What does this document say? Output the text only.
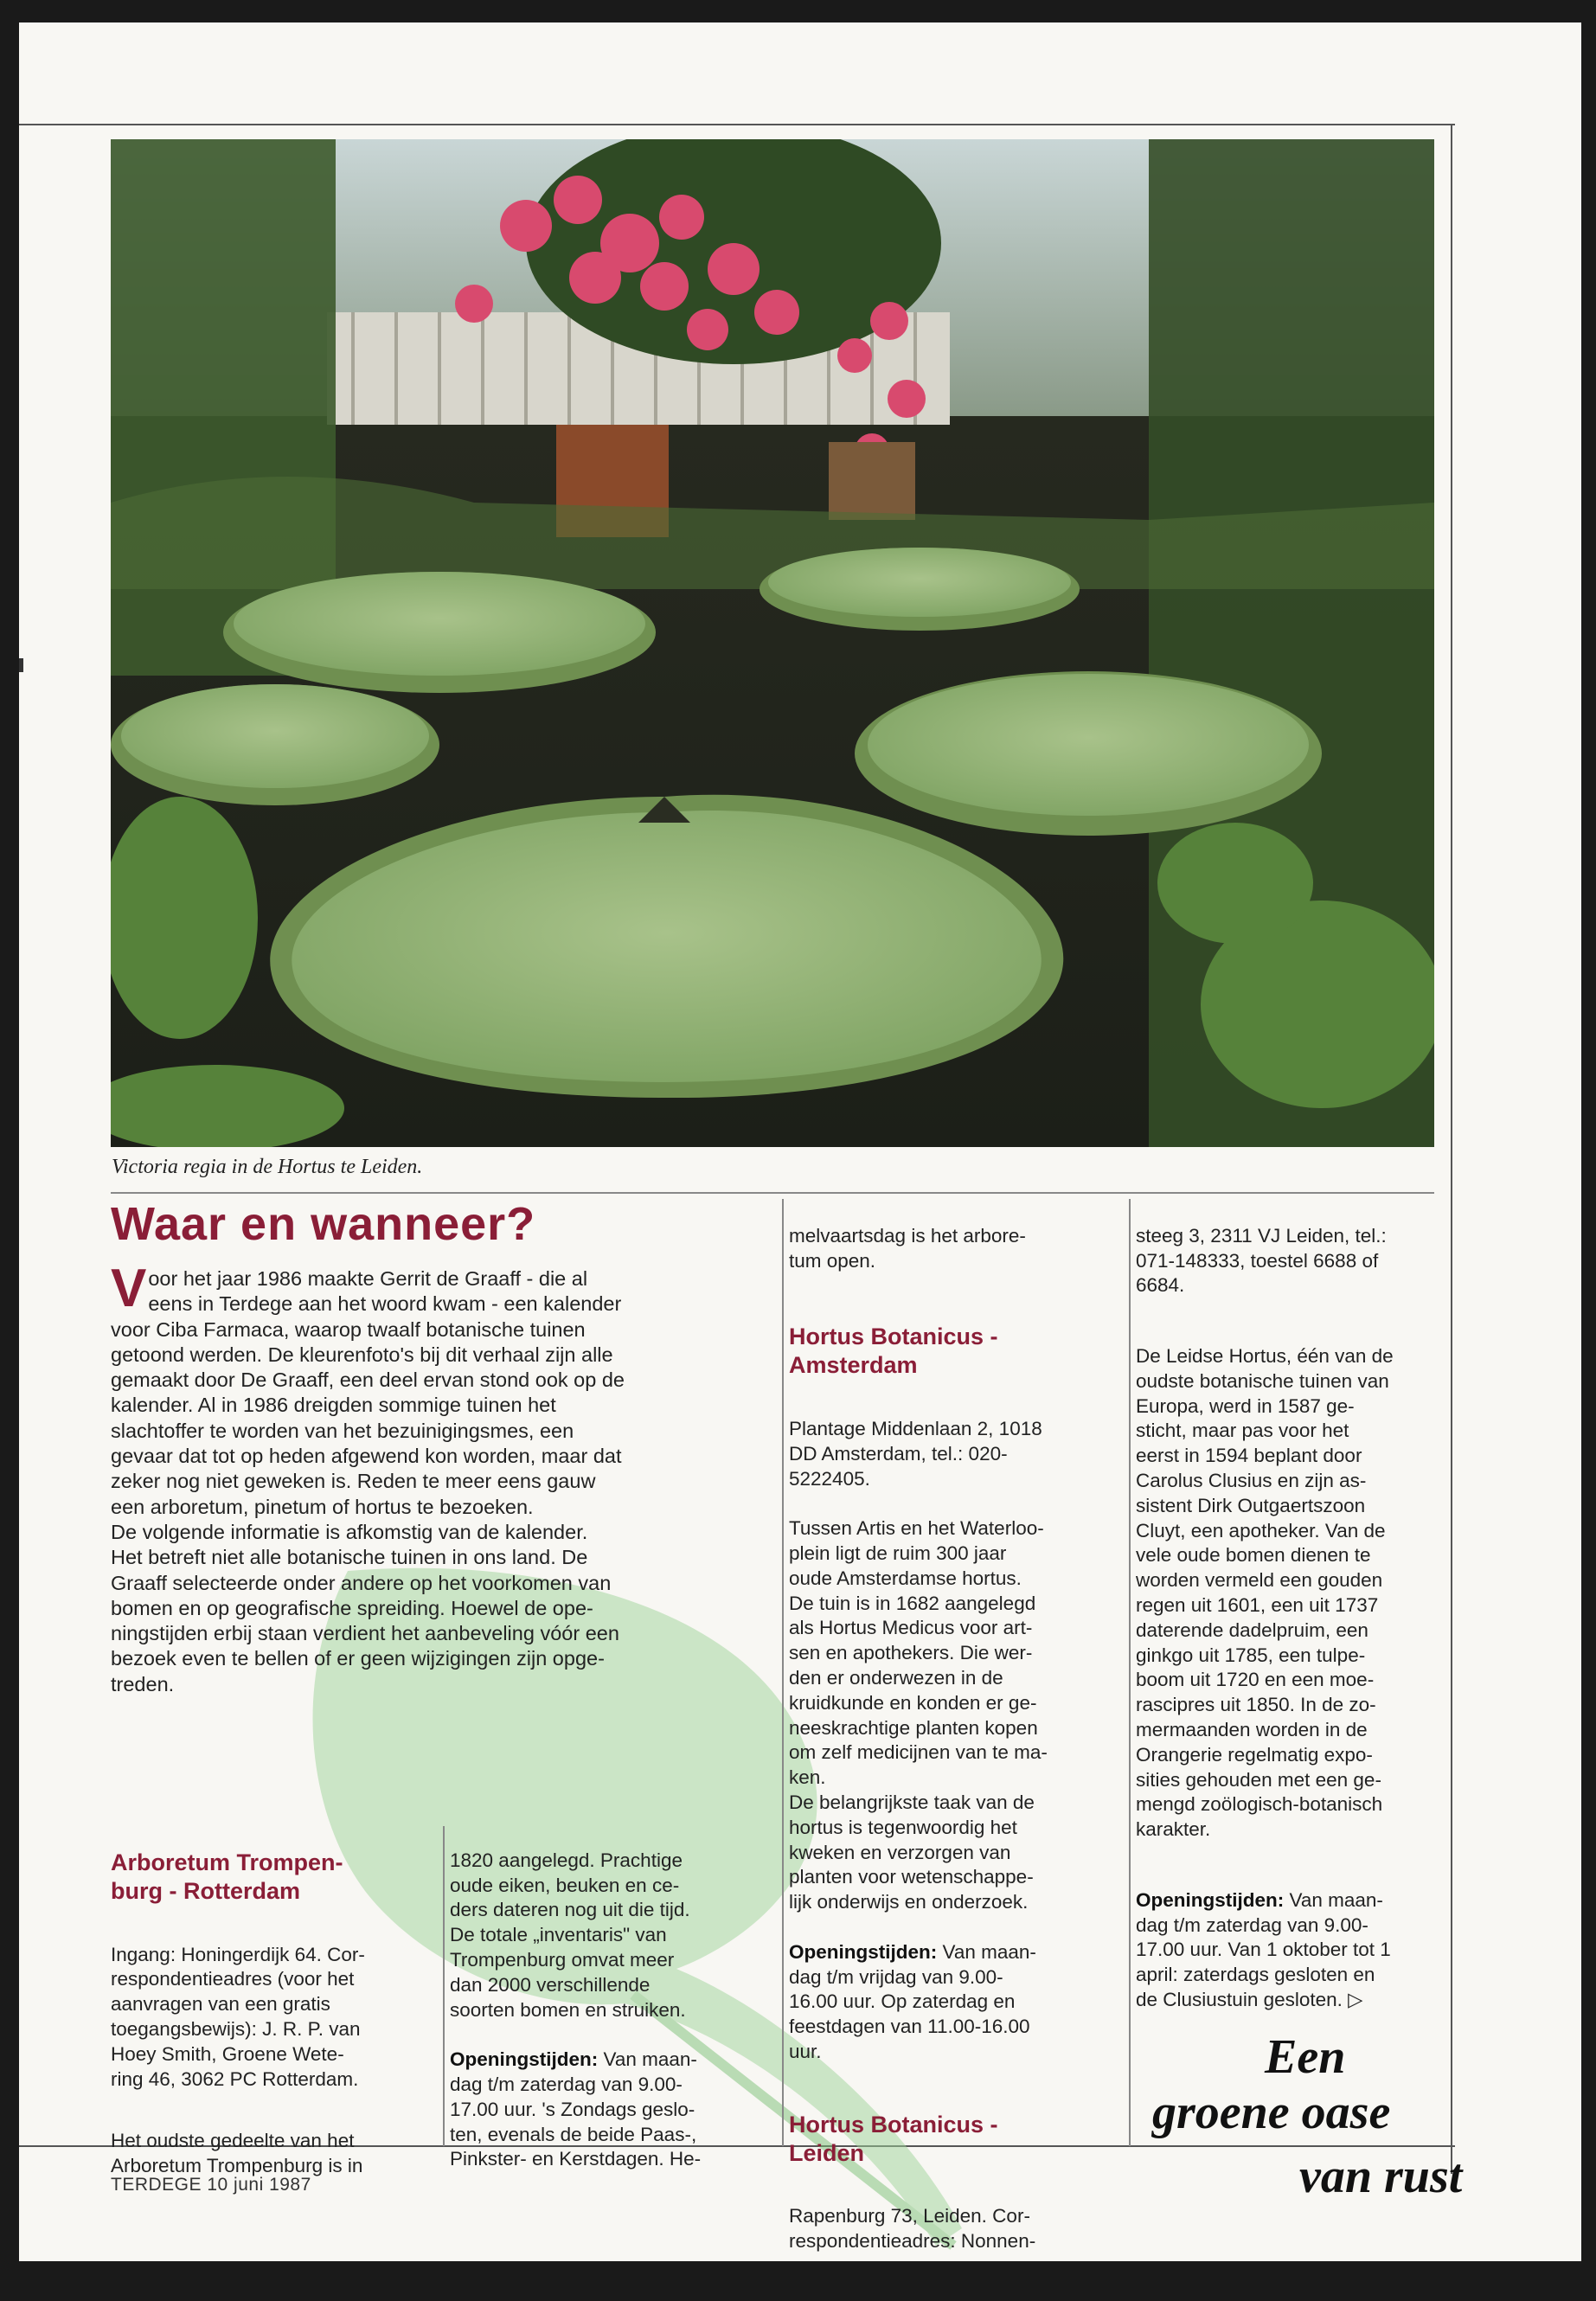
Victoria regia in de Hortus te Leiden.
Waar en wanneer?
Voor het jaar 1986 maakte Gerrit de Graaff - die al
eens in Terdege aan het woord kwam - een kalender
voor Ciba Farmaca, waarop twaalf botanische tuinen
getoond werden. De kleurenfoto's bij dit verhaal zijn alle
gemaakt door De Graaff, een deel ervan stond ook op de
kalender. Al in 1986 dreigden sommige tuinen het
slachtoffer te worden van het bezuinigingsmes, een
gevaar dat tot op heden afgewend kon worden, maar dat
zeker nog niet geweken is. Reden te meer eens gauw
een arboretum, pinetum of hortus te bezoeken.
De volgende informatie is afkomstig van de kalender.
Het betreft niet alle botanische tuinen in ons land. De
Graaff selecteerde onder andere op het voorkomen van
bomen en op geografische spreiding. Hoewel de ope-
ningstijden erbij staan verdient het aanbeveling vóór een
bezoek even te bellen of er geen wijzigingen zijn opge-
treden.

Arboretum Trompen-
burg - Rotterdam

Ingang: Honingerdijk 64. Cor-
respondentieadres (voor het
aanvragen van een gratis
toegangsbewijs): J. R. P. van
Hoey Smith, Groene Wete-
ring 46, 3062 PC Rotterdam.

Het oudste gedeelte van het
Arboretum Trompenburg is in

1820 aangelegd. Prachtige
oude eiken, beuken en ce-
ders dateren nog uit die tijd.
De totale „inventaris" van
Trompenburg omvat meer
dan 2000 verschillende
soorten bomen en struiken.

Openingstijden: Van maan-
dag t/m zaterdag van 9.00-
17.00 uur. 's Zondags geslo-
ten, evenals de beide Paas-,
Pinkster- en Kerstdagen. He-

melvaartsdag is het arbore-
tum open.

Hortus Botanicus -
Amsterdam

Plantage Middenlaan 2, 1018
DD Amsterdam, tel.: 020-
5222405.

Tussen Artis en het Waterloo-
plein ligt de ruim 300 jaar
oude Amsterdamse hortus.
De tuin is in 1682 aangelegd
als Hortus Medicus voor art-
sen en apothekers. Die wer-
den er onderwezen in de
kruidkunde en konden er ge-
neeskrachtige planten kopen
om zelf medicijnen van te ma-
ken.
De belangrijkste taak van de
hortus is tegenwoordig het
kweken en verzorgen van
planten voor wetenschappe-
lijk onderwijs en onderzoek.

Openingstijden: Van maan-
dag t/m vrijdag van 9.00-
16.00 uur. Op zaterdag en
feestdagen van 11.00-16.00
uur.

Hortus Botanicus -
Leiden

Rapenburg 73, Leiden. Cor-
respondentieadres: Nonnen-

steeg 3, 2311 VJ Leiden, tel.:
071-148333, toestel 6688 of
6684.

De Leidse Hortus, één van de
oudste botanische tuinen van
Europa, werd in 1587 ge-
sticht, maar pas voor het
eerst in 1594 beplant door
Carolus Clusius en zijn as-
sistent Dirk Outgaertszoon
Cluyt, een apotheker. Van de
vele oude bomen dienen te
worden vermeld een gouden
regen uit 1601, een uit 1737
daterende dadelpruim, een
ginkgo uit 1785, een tulpe-
boom uit 1720 en een moe-
rascipres uit 1850. In de zo-
mermaanden worden in de
Orangerie regelmatig expo-
sities gehouden met een ge-
mengd zoölogisch-botanisch
karakter.

Openingstijden: Van maan-
dag t/m zaterdag van 9.00-
17.00 uur. Van 1 oktober tot 1
april: zaterdags gesloten en
de Clusiustuin gesloten. ▷

Een
groene oase
van rust
TERDEGE 10 juni 1987
